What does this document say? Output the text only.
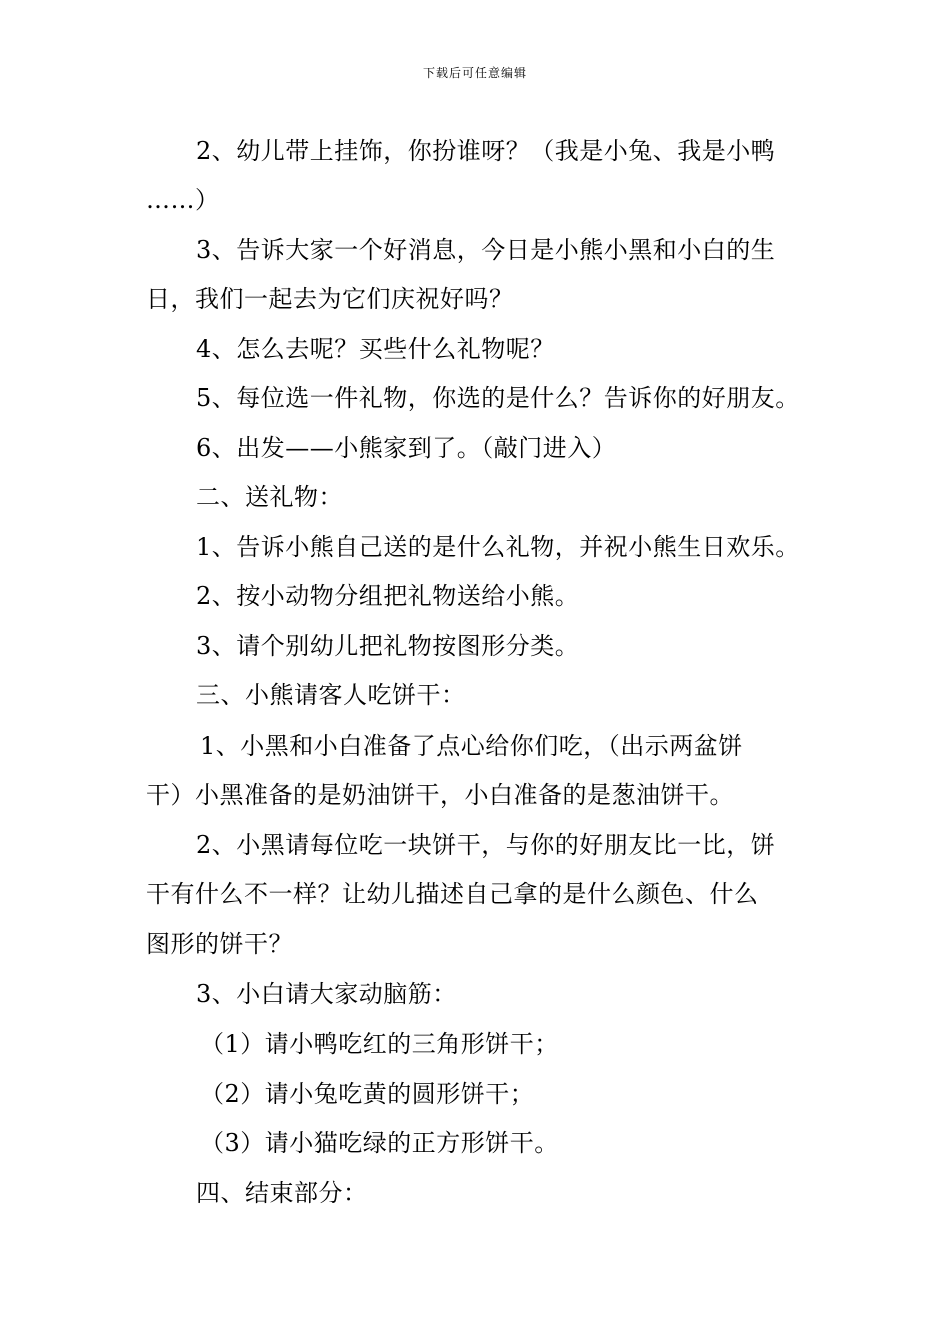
下载后可任意编辑
2、幼儿带上挂饰，你扮谁呀？（我是小兔、我是小鸭
……）
3、告诉大家一个好消息，今日是小熊小黑和小白的生
日，我们一起去为它们庆祝好吗？
4、怎么去呢？买些什么礼物呢？
5、每位选一件礼物，你选的是什么？告诉你的好朋友。
6、出发——小熊家到了。（敲门进入）
二、送礼物：
1、告诉小熊自己送的是什么礼物，并祝小熊生日欢乐。
2、按小动物分组把礼物送给小熊。
3、请个别幼儿把礼物按图形分类。
三、小熊请客人吃饼干：
1、小黑和小白准备了点心给你们吃，（出示两盆饼
干）小黑准备的是奶油饼干，小白准备的是葱油饼干。
2、小黑请每位吃一块饼干，与你的好朋友比一比，饼
干有什么不一样？让幼儿描述自己拿的是什么颜色、什么
图形的饼干？
3、小白请大家动脑筋：
（1）请小鸭吃红的三角形饼干；
（2）请小兔吃黄的圆形饼干；
（3）请小猫吃绿的正方形饼干。
四、结束部分：
